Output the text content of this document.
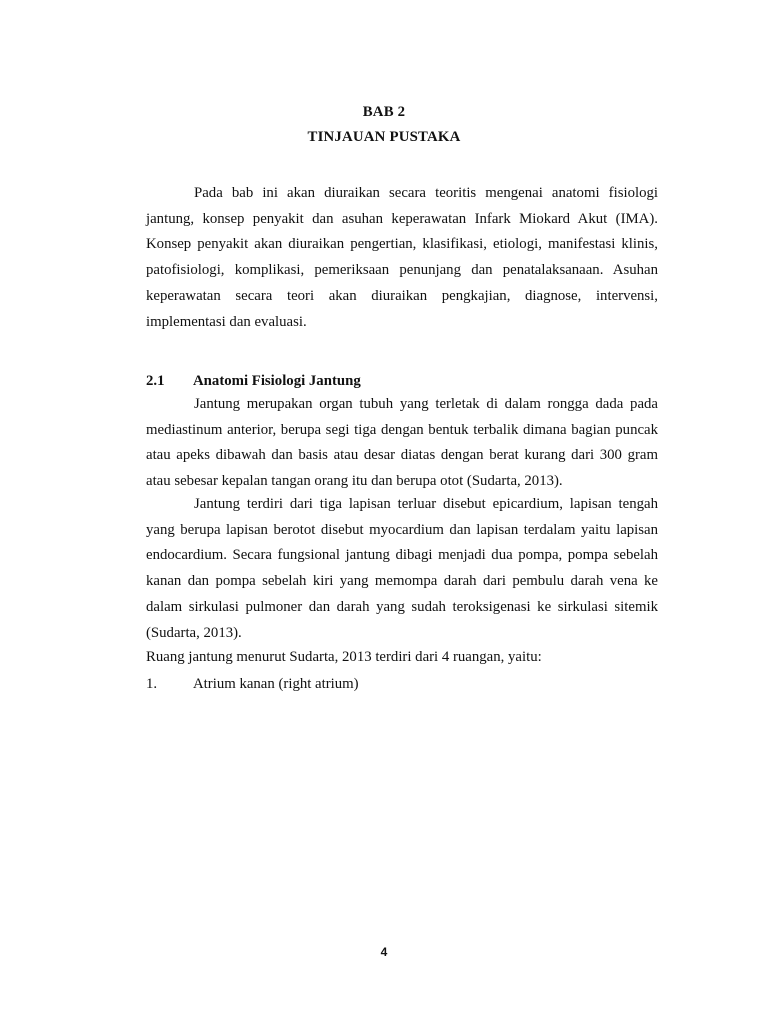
BAB 2
TINJAUAN PUSTAKA

Pada bab ini akan diuraikan secara teoritis mengenai anatomi fisiologi jantung, konsep penyakit dan asuhan keperawatan Infark Miokard Akut (IMA). Konsep penyakit akan diuraikan pengertian, klasifikasi, etiologi, manifestasi klinis, patofisiologi, komplikasi, pemeriksaan penunjang dan penatalaksanaan. Asuhan keperawatan secara teori akan diuraikan pengkajian, diagnose, intervensi, implementasi dan evaluasi.

2.1 Anatomi Fisiologi Jantung

Jantung merupakan organ tubuh yang terletak di dalam rongga dada pada mediastinum anterior, berupa segi tiga dengan bentuk terbalik dimana bagian puncak atau apeks dibawah dan basis atau desar diatas dengan berat kurang dari 300 gram atau sebesar kepalan tangan orang itu dan berupa otot (Sudarta, 2013).

Jantung terdiri dari tiga lapisan terluar disebut epicardium, lapisan tengah yang berupa lapisan berotot disebut myocardium dan lapisan terdalam yaitu lapisan endocardium. Secara fungsional jantung dibagi menjadi dua pompa, pompa sebelah kanan dan pompa sebelah kiri yang memompa darah dari pembulu darah vena ke dalam sirkulasi pulmoner dan darah yang sudah teroksigenasi ke sirkulasi sitemik (Sudarta, 2013).

Ruang jantung menurut Sudarta, 2013 terdiri dari 4 ruangan, yaitu:

1. Atrium kanan (right atrium)
4
